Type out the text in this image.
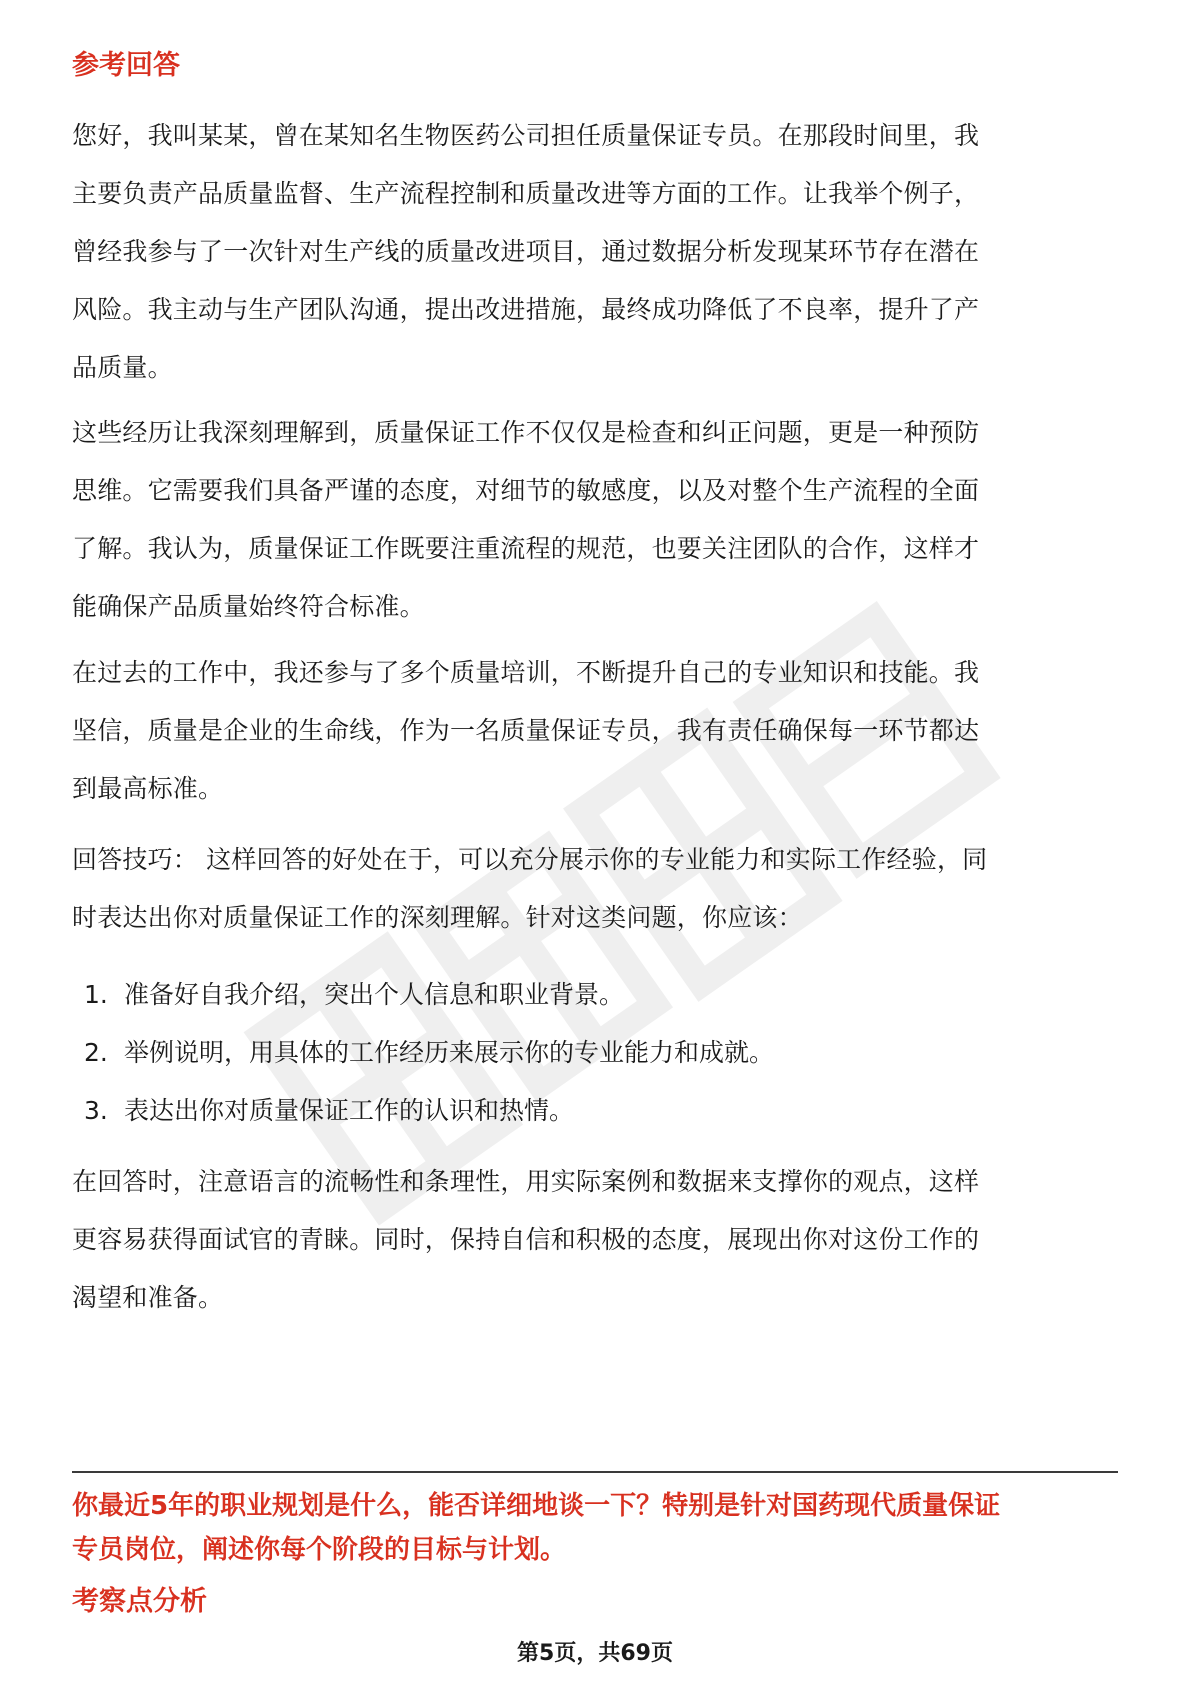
参考回答

您好，我叫某某，曾在某知名生物医药公司担任质量保证专员。在那段时间里，我

主要负责产品质量监督、生产流程控制和质量改进等方面的工作。让我举个例子，

曾经我参与了一次针对生产线的质量改进项目，通过数据分析发现某环节存在潜在

风险。我主动与生产团队沟通，提出改进措施，最终成功降低了不良率，提升了产

品质量。

这些经历让我深刻理解到，质量保证工作不仅仅是检查和纠正问题，更是一种预防

思维。它需要我们具备严谨的态度，对细节的敏感度，以及对整个生产流程的全面

了解。我认为，质量保证工作既要注重流程的规范，也要关注团队的合作，这样才

能确保产品质量始终符合标准。

在过去的工作中，我还参与了多个质量培训，不断提升自己的专业知识和技能。我

坚信，质量是企业的生命线，作为一名质量保证专员，我有责任确保每一环节都达

到最高标准。

回答技巧： 这样回答的好处在于，可以充分展示你的专业能力和实际工作经验，同

时表达出你对质量保证工作的深刻理解。针对这类问题，你应该：

1. 准备好自我介绍，突出个人信息和职业背景。
2. 举例说明，用具体的工作经历来展示你的专业能力和成就。
3. 表达出你对质量保证工作的认识和热情。

在回答时，注意语言的流畅性和条理性，用实际案例和数据来支撑你的观点，这样

更容易获得面试官的青睐。同时，保持自信和积极的态度，展现出你对这份工作的

渴望和准备。

你最近5年的职业规划是什么，能否详细地谈一下？特别是针对国药现代质量保证

专员岗位，阐述你每个阶段的目标与计划。

考察点分析
第5页，共69页
